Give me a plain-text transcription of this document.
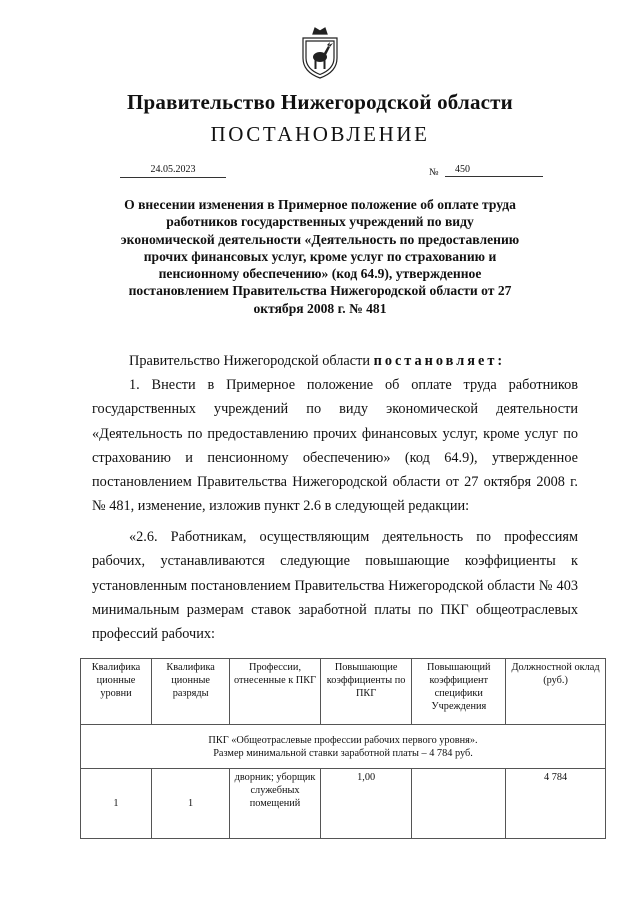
Правительство Нижегородской области
ПОСТАНОВЛЕНИЕ
24.05.2023	№	450
О внесении изменения в Примерное положение об оплате труда работников государственных учреждений по виду экономической деятельности «Деятельность по предоставлению прочих финансовых услуг, кроме услуг по страхованию и пенсионному обеспечению» (код 64.9), утвержденное постановлением Правительства Нижегородской области от 27 октября 2008 г. № 481
Правительство Нижегородской области постановляет:
1. Внести в Примерное положение об оплате труда работников государственных учреждений по виду экономической деятельности «Деятельность по предоставлению прочих финансовых услуг, кроме услуг по страхованию и пенсионному обеспечению» (код 64.9), утвержденное постановлением Правительства Нижегородской области от 27 октября 2008 г. № 481, изменение, изложив пункт 2.6 в следующей редакции:
«2.6. Работникам, осуществляющим деятельность по профессиям рабочих, устанавливаются следующие повышающие коэффициенты к установленным постановлением Правительства Нижегородской области № 403 минимальным размерам ставок заработной платы по ПКГ общеотраслевых профессий рабочих:
Квалифика ционные уровни	Квалифика ционные разряды	Профессии, отнесенные к ПКГ	Повышающие коэффициенты по ПКГ	Повышающий коэффициент специфики Учреждения	Должностной оклад (руб.)

ПКГ «Общеотраслевые профессии рабочих первого уровня».
Размер минимальной ставки заработной платы – 4 784 руб.					

1	1	дворник; уборщик служебных помещений	1,00		4 784
